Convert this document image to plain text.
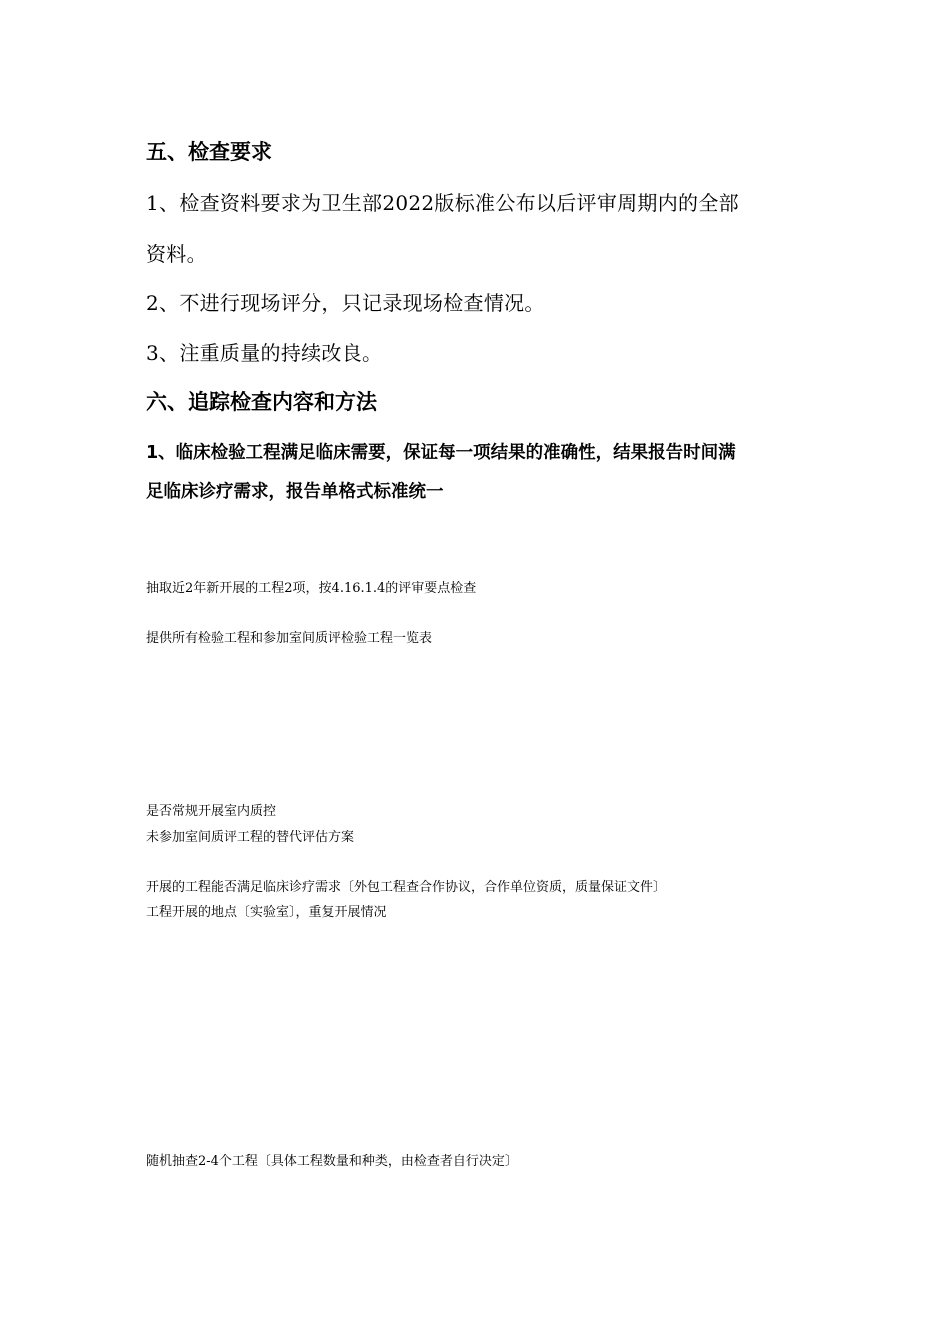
五、检查要求
1、检查资料要求为卫生部2022版标准公布以后评审周期内的全部
资料。
2、不进行现场评分，只记录现场检查情况。
3、注重质量的持续改良。
六、追踪检查内容和方法
1、临床检验工程满足临床需要，保证每一项结果的准确性，结果报告时间满
足临床诊疗需求，报告单格式标准统一
抽取近2年新开展的工程2项，按4.16.1.4的评审要点检查
提供所有检验工程和参加室间质评检验工程一览表
是否常规开展室内质控
未参加室间质评工程的替代评估方案
开展的工程能否满足临床诊疗需求〔外包工程查合作协议，合作单位资质，质量保证文件〕
工程开展的地点〔实验室〕，重复开展情况
随机抽查2-4个工程〔具体工程数量和种类，由检查者自行决定〕
